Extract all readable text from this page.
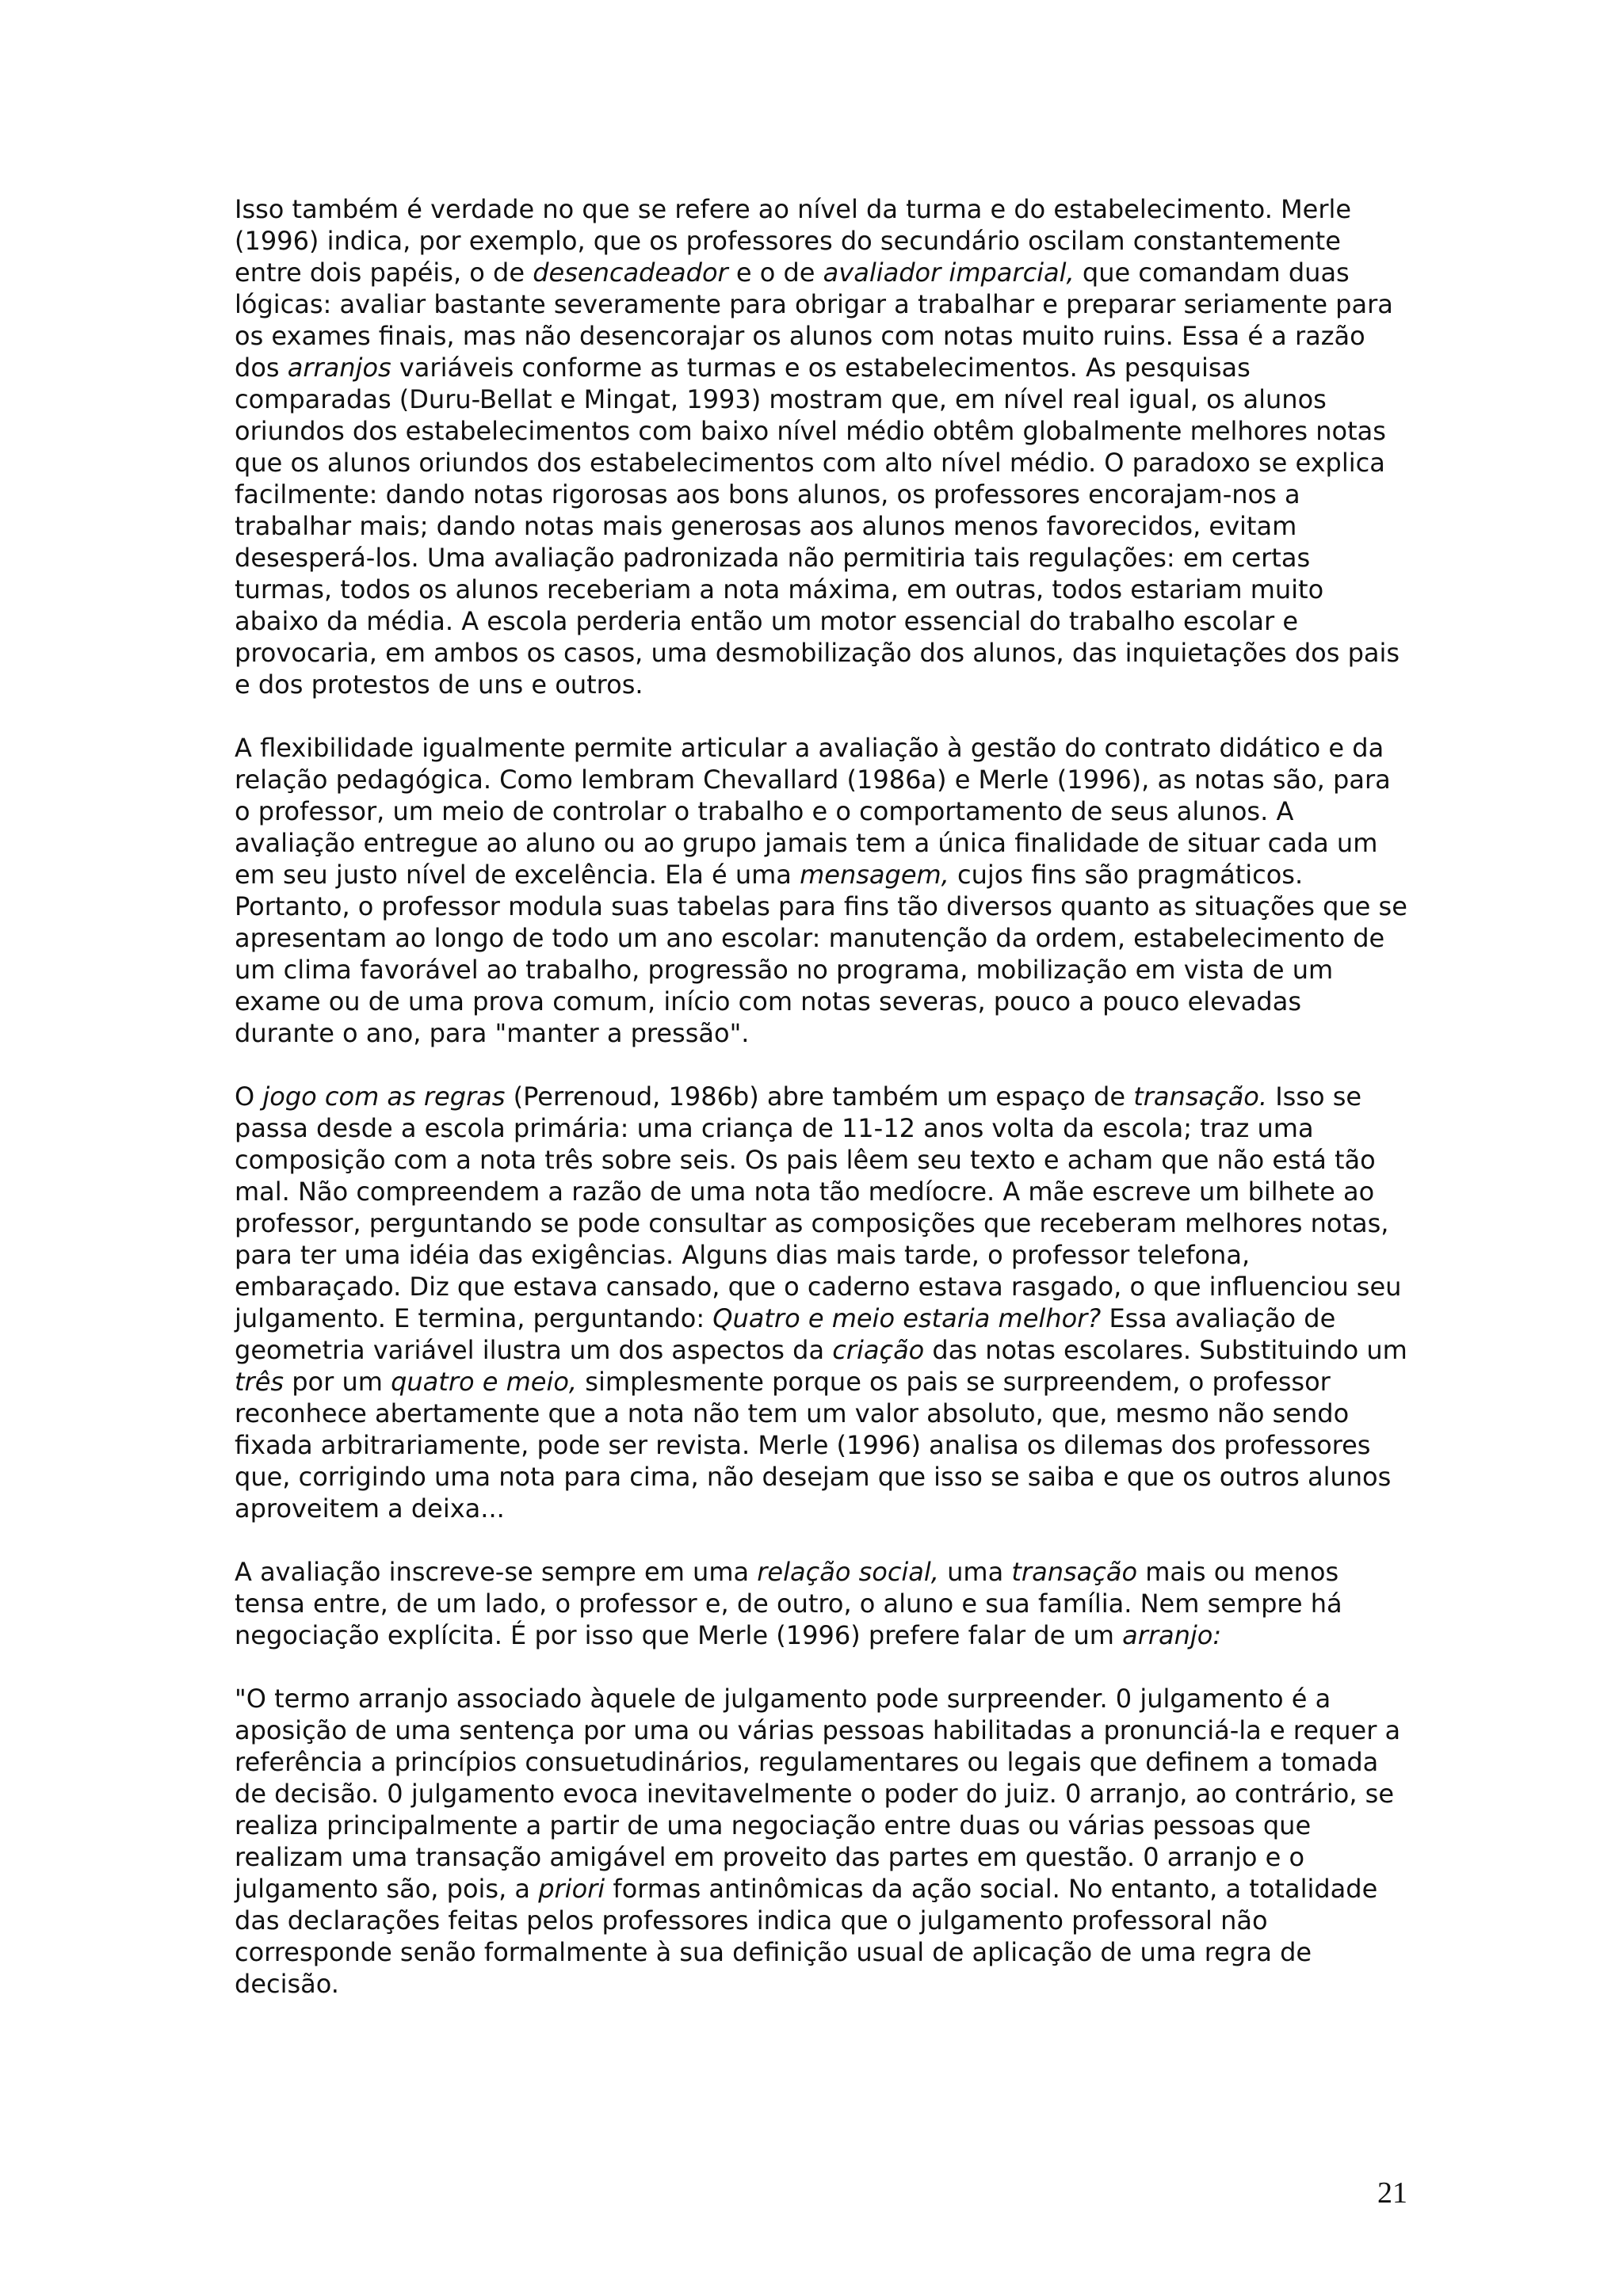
Isso também é verdade no que se refere ao nível da turma e do estabelecimento. Merle (1996) indica, por exemplo, que os professores do secundário oscilam constantemente entre dois papéis, o de desencadeador e o de avaliador imparcial, que comandam duas lógicas: avaliar bastante severamente para obrigar a trabalhar e preparar seriamente para os exames finais, mas não desencorajar os alunos com notas muito ruins. Essa é a razão dos arranjos variáveis conforme as turmas e os estabelecimentos. As pesquisas comparadas (Duru-Bellat e Mingat, 1993) mostram que, em nível real igual, os alunos oriundos dos estabelecimentos com baixo nível médio obtêm globalmente melhores notas que os alunos oriundos dos estabelecimentos com alto nível médio. O paradoxo se explica facilmente: dando notas rigorosas aos bons alunos, os professores encorajam-nos a trabalhar mais; dando notas mais generosas aos alunos menos favorecidos, evitam desesperá-los. Uma avaliação padronizada não permitiria tais regulações: em certas turmas, todos os alunos receberiam a nota máxima, em outras, todos estariam muito abaixo da média. A escola perderia então um motor essencial do trabalho escolar e provocaria, em ambos os casos, uma desmobilização dos alunos, das inquietações dos pais e dos protestos de uns e outros.

A flexibilidade igualmente permite articular a avaliação à gestão do contrato didático e da relação pedagógica. Como lembram Chevallard (1986a) e Merle (1996), as notas são, para o professor, um meio de controlar o trabalho e o comportamento de seus alunos. A avaliação entregue ao aluno ou ao grupo jamais tem a única finalidade de situar cada um em seu justo nível de excelência. Ela é uma mensagem, cujos fins são pragmáticos. Portanto, o professor modula suas tabelas para fins tão diversos quanto as situações que se apresentam ao longo de todo um ano escolar: manutenção da ordem, estabelecimento de um clima favorável ao trabalho, progressão no programa, mobilização em vista de um exame ou de uma prova comum, início com notas severas, pouco a pouco elevadas durante o ano, para "manter a pressão".

O jogo com as regras (Perrenoud, 1986b) abre também um espaço de transação. Isso se passa desde a escola primária: uma criança de 11-12 anos volta da escola; traz uma composição com a nota três sobre seis. Os pais lêem seu texto e acham que não está tão mal. Não compreendem a razão de uma nota tão medíocre. A mãe escreve um bilhete ao professor, perguntando se pode consultar as composições que receberam melhores notas, para ter uma idéia das exigências. Alguns dias mais tarde, o professor telefona, embaraçado. Diz que estava cansado, que o caderno estava rasgado, o que influenciou seu julgamento. E termina, perguntando: Quatro e meio estaria melhor? Essa avaliação de geometria variável ilustra um dos aspectos da criação das notas escolares. Substituindo um três por um quatro e meio, simplesmente porque os pais se surpreendem, o professor reconhece abertamente que a nota não tem um valor absoluto, que, mesmo não sendo fixada arbitrariamente, pode ser revista. Merle (1996) analisa os dilemas dos professores que, corrigindo uma nota para cima, não desejam que isso se saiba e que os outros alunos aproveitem a deixa...

A avaliação inscreve-se sempre em uma relação social, uma transação mais ou menos tensa entre, de um lado, o professor e, de outro, o aluno e sua família. Nem sempre há negociação explícita. É por isso que Merle (1996) prefere falar de um arranjo:

"O termo arranjo associado àquele de julgamento pode surpreender. 0 julgamento é a aposição de uma sentença por uma ou várias pessoas habilitadas a pronunciá-la e requer a referência a princípios consuetudinários, regulamentares ou legais que definem a tomada de decisão. 0 julgamento evoca inevitavelmente o poder do juiz. 0 arranjo, ao contrário, se realiza principalmente a partir de uma negociação entre duas ou várias pessoas que realizam uma transação amigável em proveito das partes em questão. 0 arranjo e o julgamento são, pois, a priori formas antinômicas da ação social. No entanto, a totalidade das declarações feitas pelos professores indica que o julgamento professoral não corresponde senão formalmente à sua definição usual de aplicação de uma regra de decisão.

21
